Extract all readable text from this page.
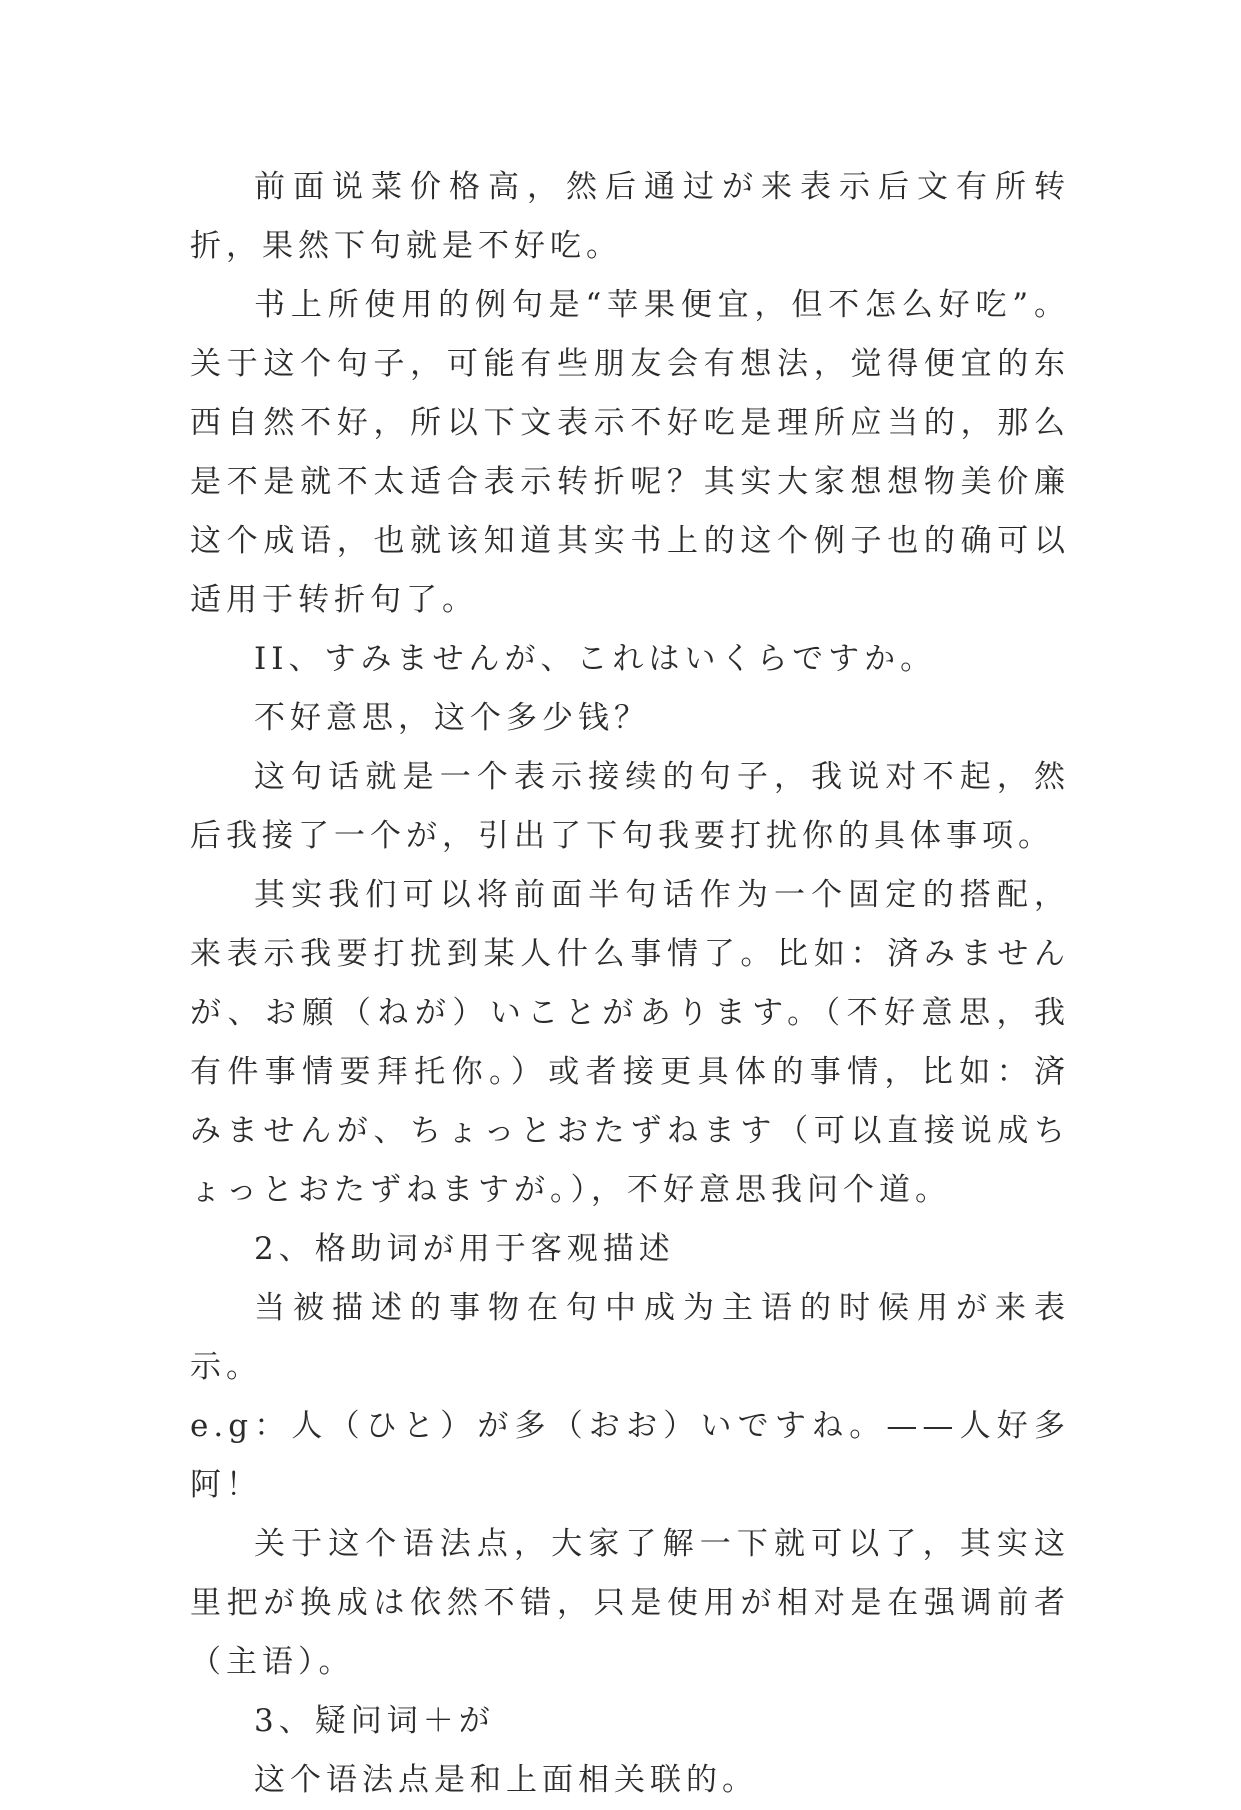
前面说菜价格高，然后通过が来表示后文有所转折，果然下句就是不好吃。

书上所使用的例句是“苹果便宜，但不怎么好吃”。关于这个句子，可能有些朋友会有想法，觉得便宜的东西自然不好，所以下文表示不好吃是理所应当的，那么是不是就不太适合表示转折呢？其实大家想想物美价廉这个成语，也就该知道其实书上的这个例子也的确可以适用于转折句了。

II、すみませんが、これはいくらですか。

不好意思，这个多少钱？

这句话就是一个表示接续的句子，我说对不起，然后我接了一个が，引出了下句我要打扰你的具体事项。

其实我们可以将前面半句话作为一个固定的搭配，来表示我要打扰到某人什么事情了。比如：済みませんが、お願（ねが）いことがあります。（不好意思，我有件事情要拜托你。）或者接更具体的事情，比如：済みませんが、ちょっとおたずねます（可以直接说成ちょっとおたずねますが。），不好意思我问个道。

2、格助词が用于客观描述

当被描述的事物在句中成为主语的时候用が来表示。

e.g：人（ひと）が多（おお）いですね。——人好多阿！

关于这个语法点，大家了解一下就可以了，其实这里把が换成は依然不错，只是使用が相对是在强调前者（主语）。

3、疑问词＋が

这个语法点是和上面相关联的。
